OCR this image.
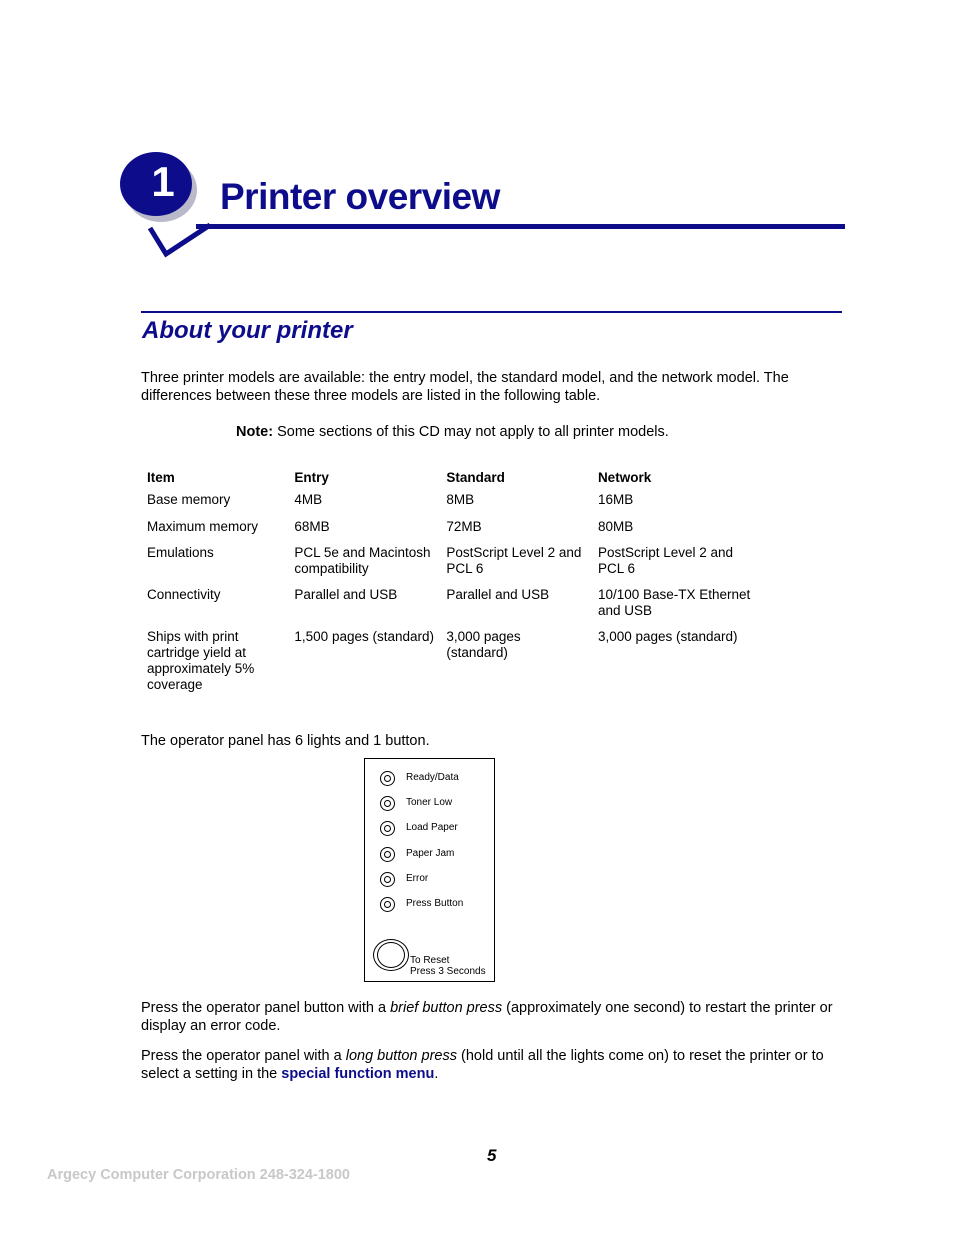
1 Printer overview
About your printer

Three printer models are available: the entry model, the standard model, and the network model. The differences between these three models are listed in the following table.

Note: Some sections of this CD may not apply to all printer models.

Item	Entry	Standard	Network
Base memory	4MB	8MB	16MB
Maximum memory	68MB	72MB	80MB
Emulations	PCL 5e and Macintosh compatibility	PostScript Level 2 and PCL 6	PostScript Level 2 and PCL 6
Connectivity	Parallel and USB	Parallel and USB	10/100 Base-TX Ethernet and USB
Ships with print cartridge yield at approximately 5% coverage	1,500 pages (standard)	3,000 pages (standard)	3,000 pages (standard)

The operator panel has 6 lights and 1 button.

Ready/Data
Toner Low
Load Paper
Paper Jam
Error
Press Button
To Reset
Press 3 Seconds

Press the operator panel button with a brief button press (approximately one second) to restart the printer or display an error code.

Press the operator panel with a long button press (hold until all the lights come on) to reset the printer or to select a setting in the special function menu.

5
Argecy Computer Corporation 248-324-1800
